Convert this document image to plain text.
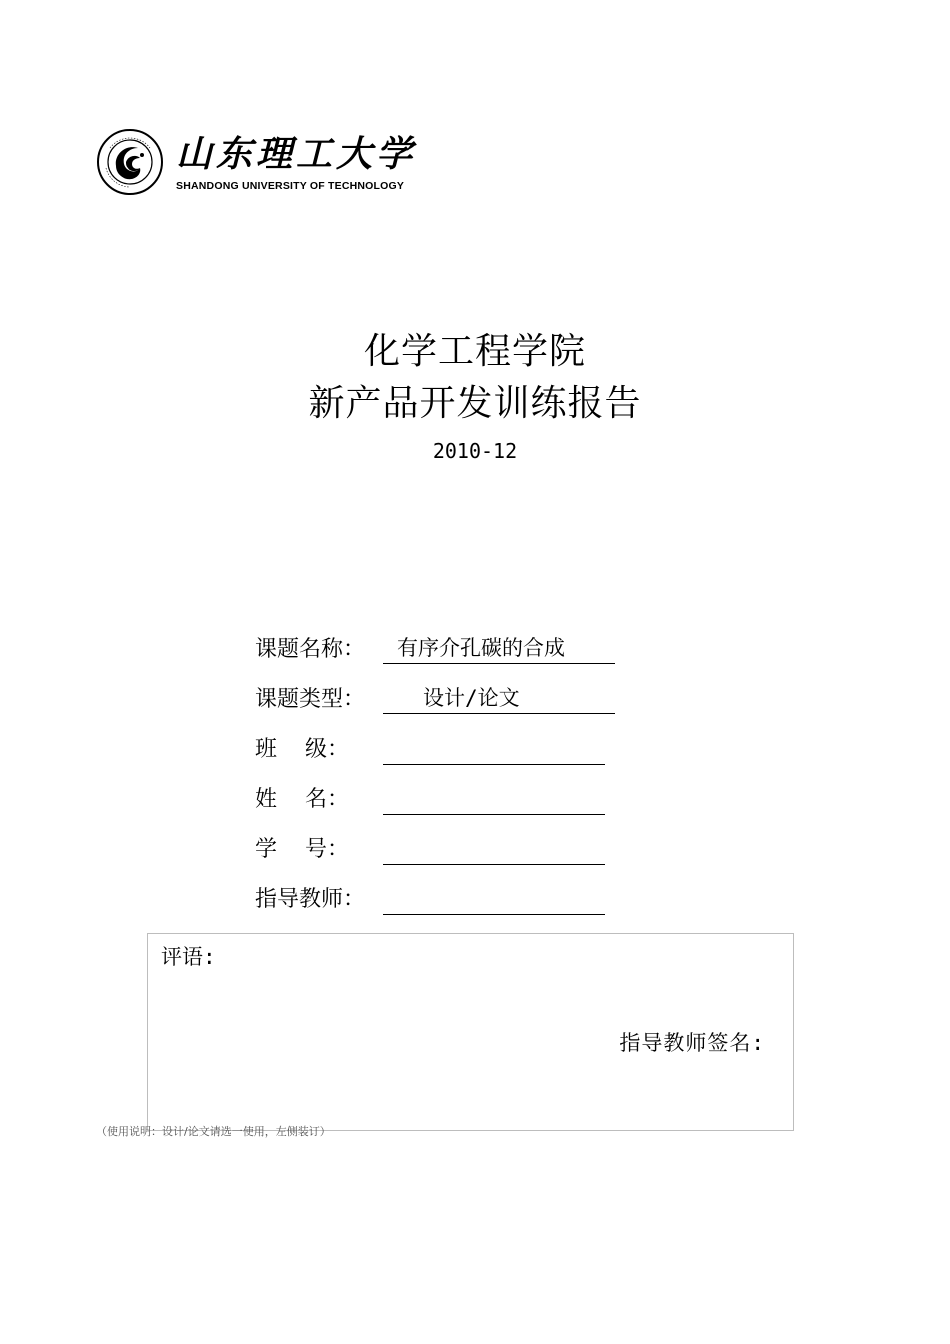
山东理工大学
SHANDONG UNIVERSITY OF TECHNOLOGY
化学工程学院
新产品开发训练报告
2010-12
课题名称：	有序介孔碳的合成
课题类型：	设计/论文
班    级：
姓    名：
学    号：
指导教师：
评语:
指导教师签名:
（使用说明：设计/论文请选一使用，左侧装订）
